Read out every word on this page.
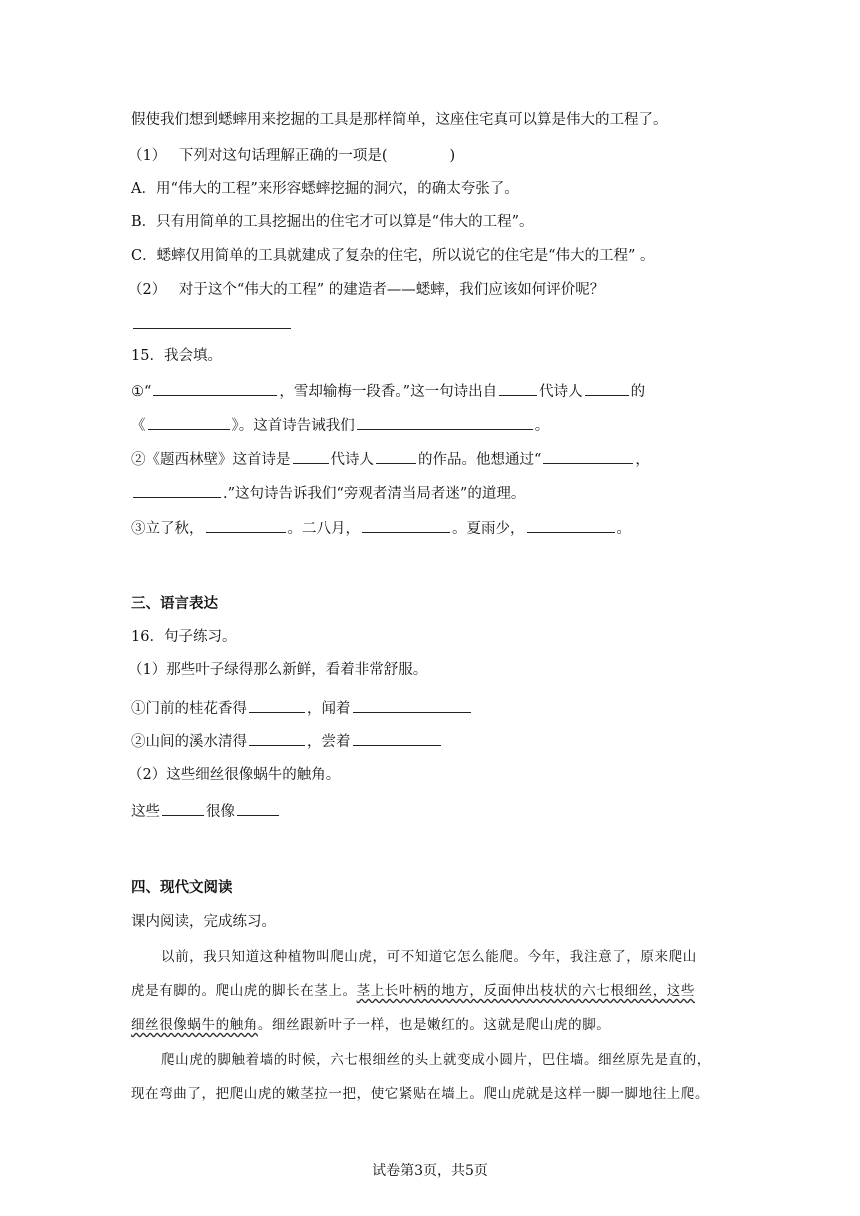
假使我们想到蟋蟀用来挖掘的工具是那样简单，这座住宅真可以算是伟大的工程了。
（1） 下列对这句话理解正确的一项是(	)
A．用“伟大的工程”来形容蟋蟀挖掘的洞穴，的确太夸张了。
B．只有用简单的工具挖掘出的住宅才可以算是“伟大的工程”。
C．蟋蟀仅用简单的工具就建成了复杂的住宅，所以说它的住宅是“伟大的工程” 。
（2） 对于这个“伟大的工程” 的建造者——蟋蟀，我们应该如何评价呢？
15．我会填。
①“	，雪却输梅一段香。”这一句诗出自	代诗人	的
《	》。这首诗告诫我们	。
②《题西林壁》这首诗是	代诗人	的作品。他想通过“	，
.”这句诗告诉我们“旁观者清当局者迷”的道理。
③立了秋，	。二八月，	。夏雨少，	。
三、语言表达
16．句子练习。
（1）那些叶子绿得那么新鲜，看着非常舒服。
①门前的桂花香得	，闻着
②山间的溪水清得	，尝着
（2）这些细丝很像蜗牛的触角。
这些	很像
四、现代文阅读
课内阅读，完成练习。
以前，我只知道这种植物叫爬山虎，可不知道它怎么能爬。今年，我注意了，原来爬山
虎是有脚的。爬山虎的脚长在茎上。茎上长叶柄的地方，反面伸出枝状的六七根细丝，这些
细丝很像蜗牛的触角。细丝跟新叶子一样，也是嫩红的。这就是爬山虎的脚。
爬山虎的脚触着墙的时候，六七根细丝的头上就变成小圆片，巴住墙。细丝原先是直的，
现在弯曲了，把爬山虎的嫩茎拉一把，使它紧贴在墙上。爬山虎就是这样一脚一脚地往上爬。
试卷第3页，共5页
